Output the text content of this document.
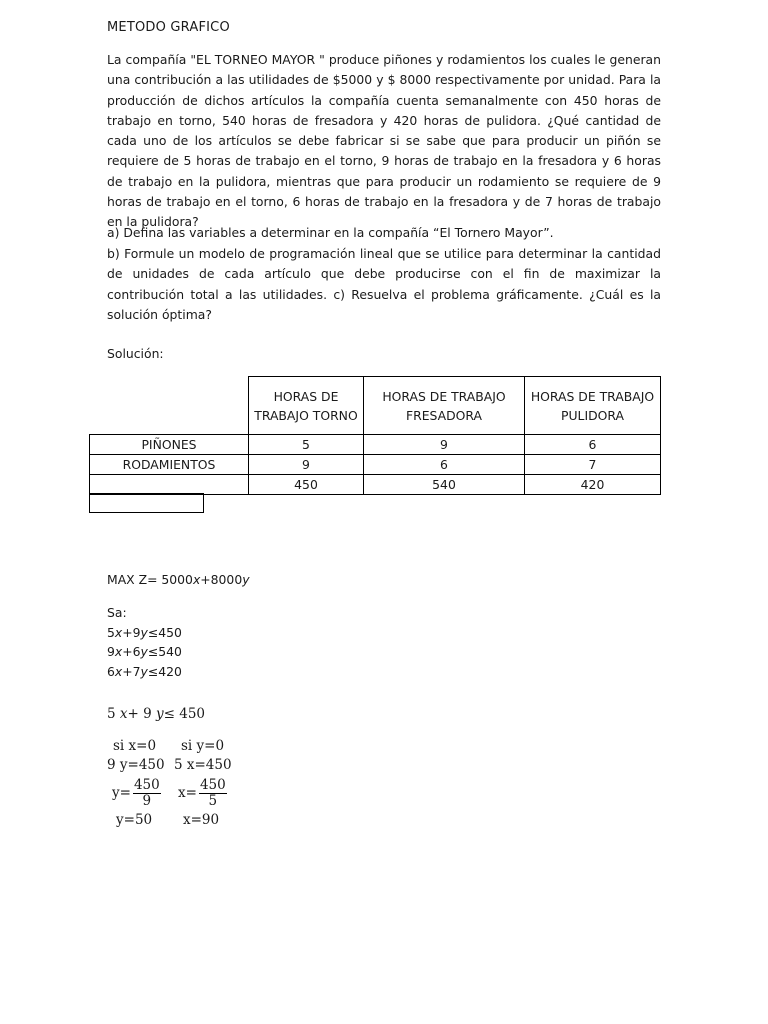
METODO GRAFICO
La compañía "EL TORNEO MAYOR " produce piñones y rodamientos los cuales le generan una contribución a las utilidades de $5000 y $ 8000 respectivamente por unidad. Para la producción de dichos artículos la compañía cuenta semanalmente con 450 horas de trabajo en torno, 540 horas de fresadora y 420 horas de pulidora. ¿Qué cantidad de cada uno de los artículos se debe fabricar si se sabe que para producir un piñón se requiere de 5 horas de trabajo en el torno, 9 horas de trabajo en la fresadora y 6 horas de trabajo en la pulidora, mientras que para producir un rodamiento se requiere de 9 horas de trabajo en el torno, 6 horas de trabajo en la fresadora y de 7 horas de trabajo en la pulidora?
a) Defina las variables a determinar en la compañía “El Tornero Mayor”.
b) Formule un modelo de programación lineal que se utilice para determinar la cantidad de unidades de cada artículo que debe producirse con el fin de maximizar la contribución total a las utilidades. c) Resuelva el problema gráficamente. ¿Cuál es la solución óptima?
Solución:
	HORAS DE TRABAJO TORNO	HORAS DE TRABAJO FRESADORA	HORAS DE TRABAJO PULIDORA
PIÑONES	5	9	6
RODAMIENTOS	9	6	7
	450	540	420
MAX Z= 5000x+8000y
Sa:
5x+9y≤450
9x+6y≤540
6x+7y≤420
5 x+ 9 y≤ 450
si x=0
9 y=450
$y= \frac{450}{9}$
y=50
si y=0
5 x=450
$x= \frac{450}{5}$
x=90
